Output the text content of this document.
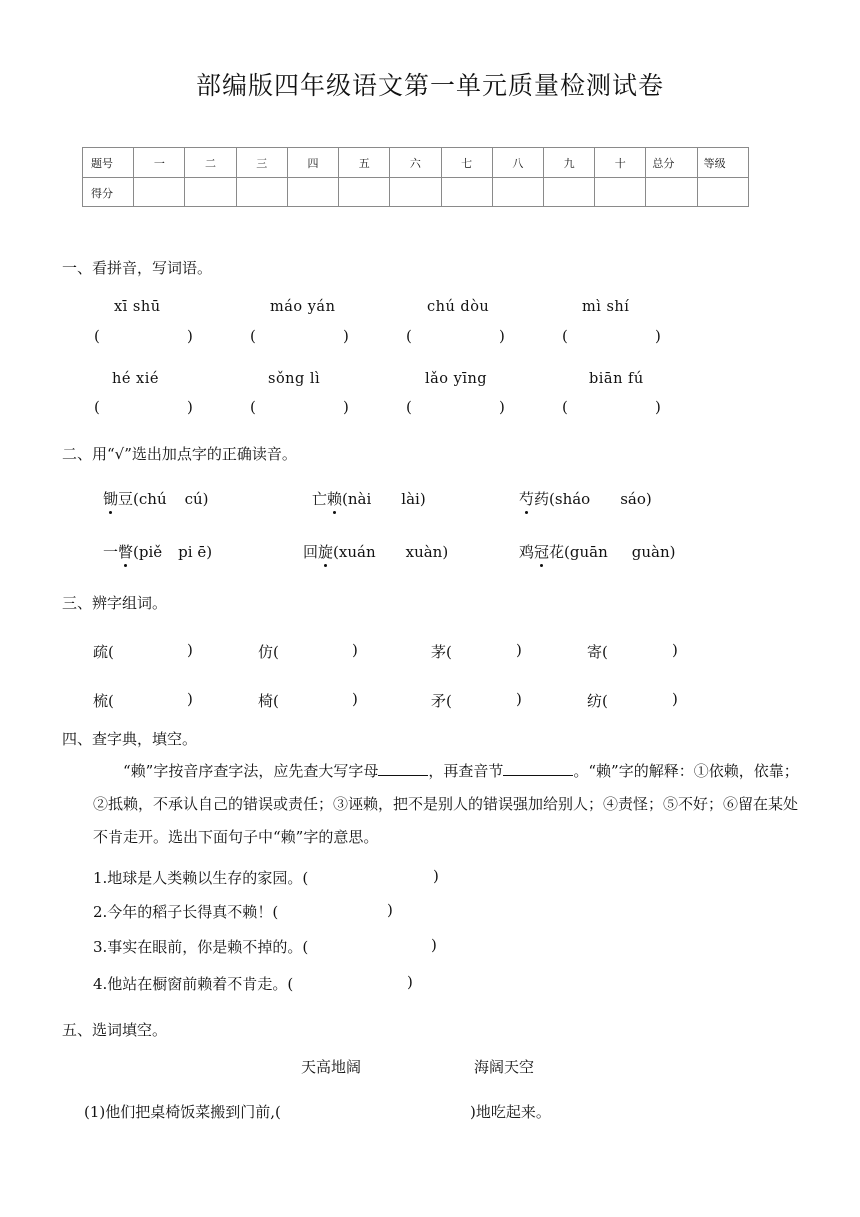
部编版四年级语文第一单元质量检测试卷
题号	一	二	三	四	五	六	七	八	九	十	总分	等级
得分												
一、看拼音，写词语。
xī shū	máo yán	chú dòu	mì shí
(	)	(	)	(	)	(	)
hé xié	sǒng lì	lǎo yīng	biān fú
(	)	(	)	(	)	(	)
二、用“√”选出加点字的正确读音。
锄豆(chú cú)	亡赖(nài lài)	芍药(sháo sáo)
一瞥(piě pi ē)	回旋(xuán xuàn)	鸡冠花(guān guàn)
三、辨字组词。
疏(	)	仿(	)	茅(	)	寄(	)
梳(	)	椅(	)	矛(	)	纺(	)
四、查字典，填空。
“赖”字按音序查字法，应先查大写字母	，再查音节	。“赖”字的解释：①依赖，依靠；②抵赖，不承认自己的错误或责任；③诬赖，把不是别人的错误强加给别人；④责怪；⑤不好；⑥留在某处不肯走开。选出下面句子中“赖”字的意思。
1.地球是人类赖以生存的家园。(	)
2.今年的稻子长得真不赖！(	)
3.事实在眼前，你是赖不掉的。(	)
4.他站在橱窗前赖着不肯走。(	)
五、选词填空。
天高地阔	海阔天空
(1)他们把桌椅饭菜搬到门前,(	)地吃起来。
